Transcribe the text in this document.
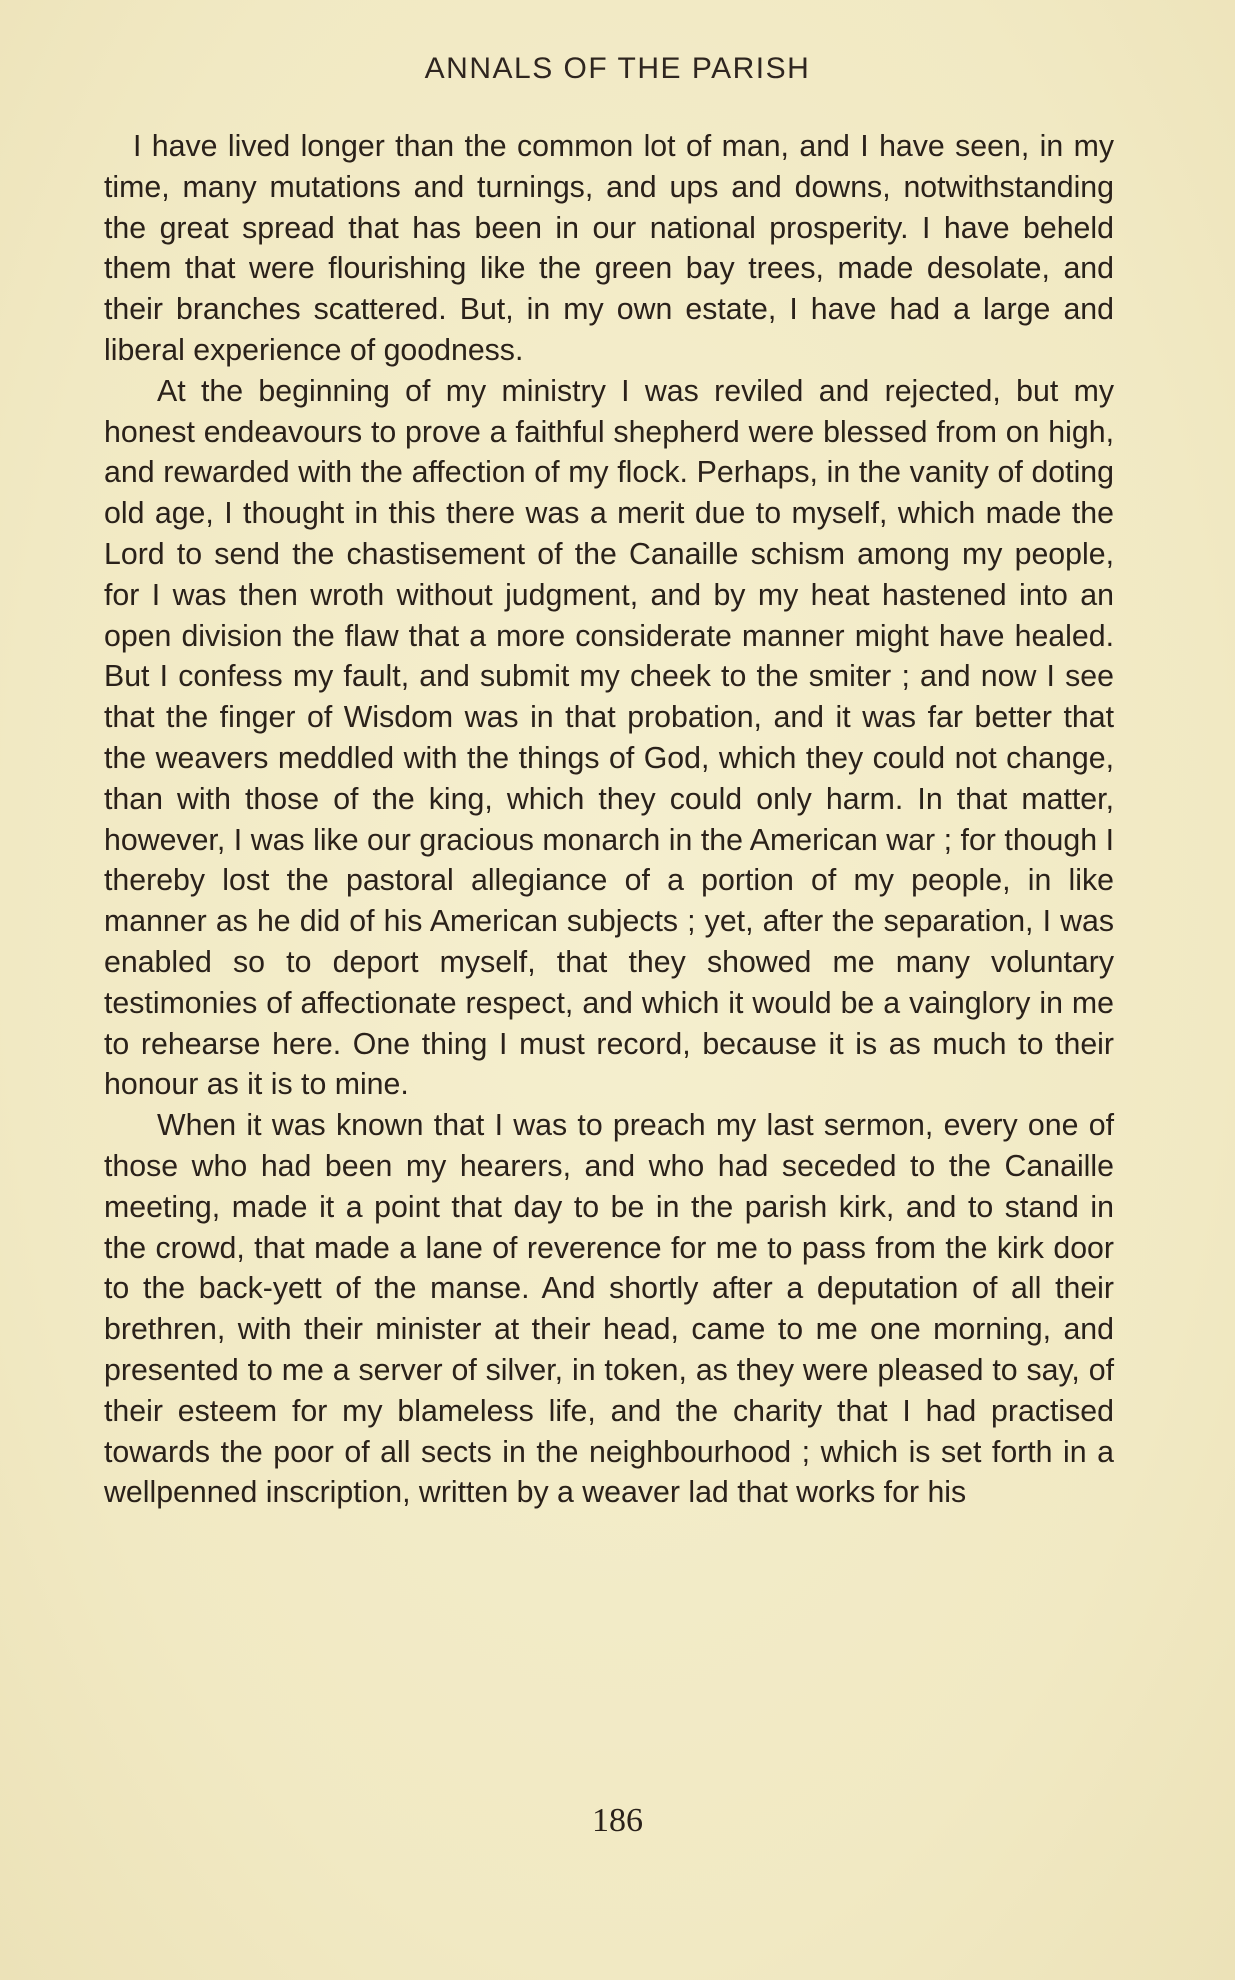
ANNALS OF THE PARISH

I have lived longer than the common lot of man, and I have seen, in my time, many mutations and turnings, and ups and downs, notwithstanding the great spread that has been in our national prosperity. I have beheld them that were flourishing like the green bay trees, made desolate, and their branches scattered. But, in my own estate, I have had a large and liberal experience of goodness.

At the beginning of my ministry I was reviled and rejected, but my honest endeavours to prove a faithful shepherd were blessed from on high, and rewarded with the affection of my flock. Perhaps, in the vanity of doting old age, I thought in this there was a merit due to myself, which made the Lord to send the chastisement of the Canaille schism among my people, for I was then wroth without judgment, and by my heat hastened into an open division the flaw that a more considerate manner might have healed. But I confess my fault, and submit my cheek to the smiter ; and now I see that the finger of Wisdom was in that probation, and it was far better that the weavers meddled with the things of God, which they could not change, than with those of the king, which they could only harm. In that matter, however, I was like our gracious monarch in the American war ; for though I thereby lost the pastoral allegiance of a portion of my people, in like manner as he did of his American subjects ; yet, after the separation, I was enabled so to deport myself, that they showed me many voluntary testimonies of affectionate respect, and which it would be a vainglory in me to rehearse here. One thing I must record, because it is as much to their honour as it is to mine.

When it was known that I was to preach my last sermon, every one of those who had been my hearers, and who had seceded to the Canaille meeting, made it a point that day to be in the parish kirk, and to stand in the crowd, that made a lane of reverence for me to pass from the kirk door to the back-yett of the manse. And shortly after a deputation of all their brethren, with their minister at their head, came to me one morning, and presented to me a server of silver, in token, as they were pleased to say, of their esteem for my blameless life, and the charity that I had practised towards the poor of all sects in the neighbourhood ; which is set forth in a wellpenned inscription, written by a weaver lad that works for his

186
